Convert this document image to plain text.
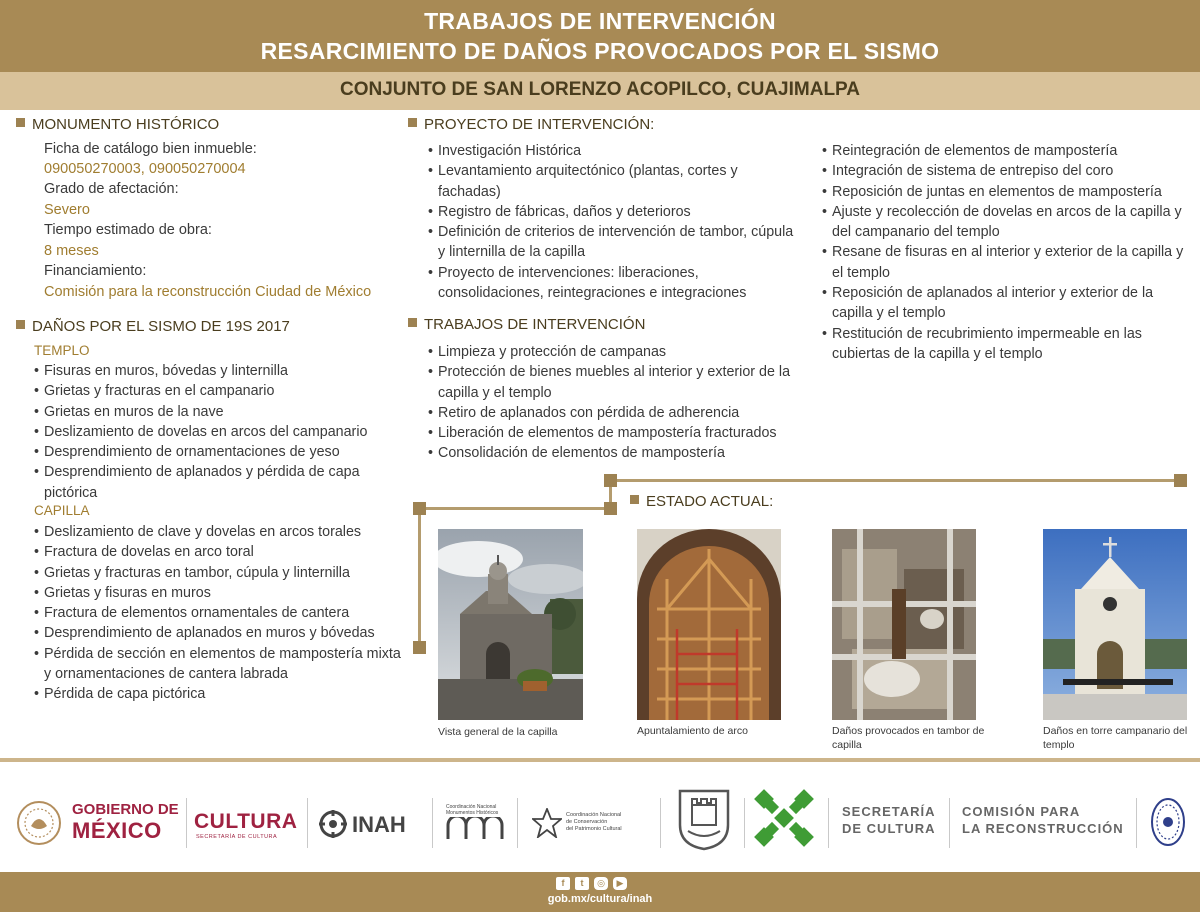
TRABAJOS DE INTERVENCIÓN
RESARCIMIENTO DE DAÑOS PROVOCADOS POR EL SISMO
CONJUNTO DE SAN LORENZO ACOPILCO, CUAJIMALPA
MONUMENTO HISTÓRICO
Ficha de catálogo bien inmueble:
090050270003, 090050270004
Grado de afectación:
Severo
Tiempo estimado de obra:
8 meses
Financiamiento:
Comisión para la reconstrucción Ciudad de México
DAÑOS POR EL SISMO DE 19S 2017
TEMPLO
• Fisuras en muros, bóvedas y linternilla
• Grietas y fracturas en el campanario
• Grietas en muros de la nave
• Deslizamiento de dovelas en arcos del campanario
• Desprendimiento de ornamentaciones de yeso
• Desprendimiento de aplanados y pérdida de capa pictórica
CAPILLA
• Deslizamiento de clave y dovelas en arcos torales
• Fractura de dovelas en arco toral
• Grietas y fracturas en tambor, cúpula y linternilla
• Grietas y fisuras en muros
• Fractura de elementos ornamentales de cantera
• Desprendimiento de aplanados en muros y bóvedas
• Pérdida de sección en elementos de mampostería mixta y ornamentaciones de cantera labrada
• Pérdida de capa pictórica
PROYECTO DE INTERVENCIÓN:
• Investigación Histórica
• Levantamiento arquitectónico (plantas, cortes y fachadas)
• Registro de fábricas, daños y deterioros
• Definición de criterios de intervención de tambor, cúpula y linternilla de la capilla
• Proyecto de intervenciones: liberaciones, consolidaciones, reintegraciones e integraciones
TRABAJOS DE INTERVENCIÓN
• Limpieza y protección de campanas
• Protección de bienes muebles al interior y exterior de la capilla y el templo
• Retiro de aplanados con pérdida de adherencia
• Liberación de elementos de mampostería fracturados
• Consolidación de elementos de mampostería
• Reintegración de elementos de mampostería
• Integración de sistema de entrepiso del coro
• Reposición de juntas en elementos de mampostería
• Ajuste y recolección de dovelas en arcos de la capilla y del campanario del templo
• Resane de fisuras en al interior y exterior de la capilla y el templo
• Reposición de aplanados al interior y exterior de la capilla y el templo
• Restitución de recubrimiento impermeable en las cubiertas de la capilla y el templo
ESTADO ACTUAL:
Vista general de la capilla	Apuntalamiento de arco	Daños provocados en tambor de capilla
Daños en torre campanario del templo
GOBIERNO DE
MÉXICO CULTURA
SECRETARÍA DE CULTURA	INAH
Coordinación Nacional
Monumentos Históricos	Coordinación Nacional
de Conservación
del Patrimonio Cultural
SECRETARÍA
DE CULTURA
COMISIÓN PARA
LA RECONSTRUCCIÓN
f	t	◎	▶
gob.mx/cultura/inah
